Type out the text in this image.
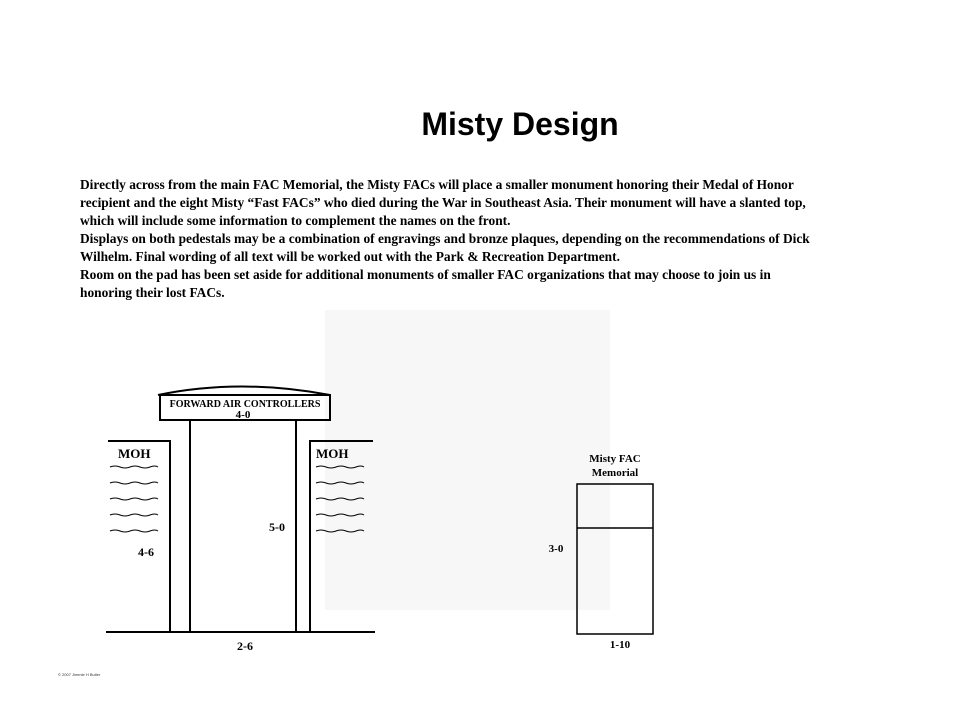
Misty Design

Directly across from the main FAC Memorial, the Misty FACs will place a smaller monument honoring their Medal of Honor recipient and the eight Misty “Fast FACs” who died during the War in Southeast Asia. Their monument will have a slanted top, which will include some information to complement the names on the front.

Displays on both pedestals may be a combination of engravings and bronze plaques, depending on the recommendations of Dick Wilhelm. Final wording of all text will be worked out with the Park & Recreation Department.

Room on the pad has been set aside for additional monuments of smaller FAC organizations that may choose to join us in honoring their lost FACs.

FORWARD AIR CONTROLLERS
4-0
5-0
2-6
MOH	MOH
4-6
Misty FAC
Memorial
3-0
1-10
© 2007 Jimmie H Butler
